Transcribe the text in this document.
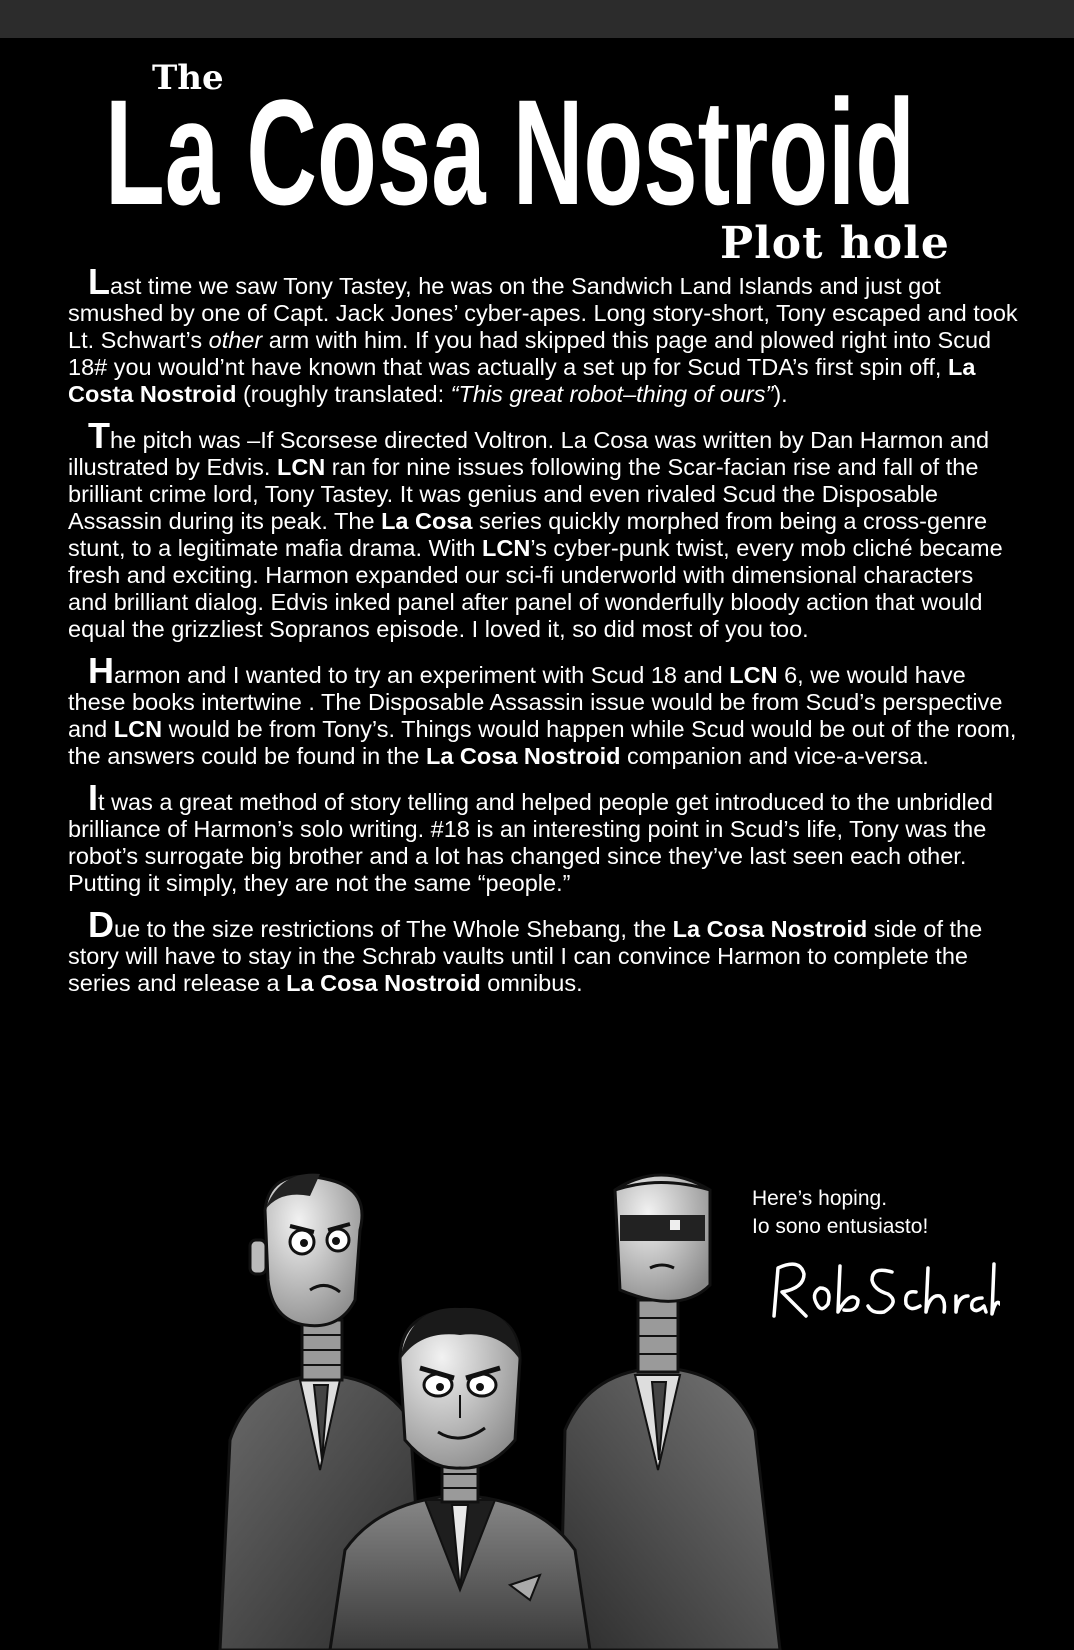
The
La Cosa Nostroid
Plot hole

Last time we saw Tony Tastey, he was on the Sandwich Land Islands and just got smushed by one of Capt. Jack Jones’ cyber-apes. Long story-short, Tony escaped and took Lt. Schwart’s other arm with him. If you had skipped this page and plowed right into Scud 18# you would’nt have known that was actually a set up for Scud TDA’s first spin off, La Costa Nostroid (roughly translated: “This great robot–thing of ours”).

The pitch was –If Scorsese directed Voltron. La Cosa was written by Dan Harmon and illustrated by Edvis. LCN ran for nine issues following the Scar-facian rise and fall of the brilliant crime lord, Tony Tastey. It was genius and even rivaled Scud the Disposable Assassin during its peak. The La Cosa series quickly morphed from being a cross-genre stunt, to a legitimate mafia drama. With LCN’s cyber-punk twist, every mob cliché became fresh and exciting. Harmon expanded our sci-fi underworld with dimensional characters and brilliant dialog. Edvis inked panel after panel of wonderfully bloody action that would equal the grizzliest Sopranos episode. I loved it, so did most of you too.

Harmon and I wanted to try an experiment with Scud 18 and LCN 6, we would have these books intertwine . The Disposable Assassin issue would be from Scud’s perspective and LCN would be from Tony’s. Things would happen while Scud would be out of the room, the answers could be found in the La Cosa Nostroid companion and vice-a-versa.

It was a great method of story telling and helped people get introduced to the unbridled brilliance of Harmon’s solo writing. #18 is an interesting point in Scud’s life, Tony was the robot’s surrogate big brother and a lot has changed since they’ve last seen each other. Putting it simply, they are not the same “people.”

Due to the size restrictions of The Whole Shebang, the La Cosa Nostroid side of the story will have to stay in the Schrab vaults until I can convince Harmon to complete the series and release a La Cosa Nostroid omnibus.

Here’s hoping.
Io sono entusiasto!
